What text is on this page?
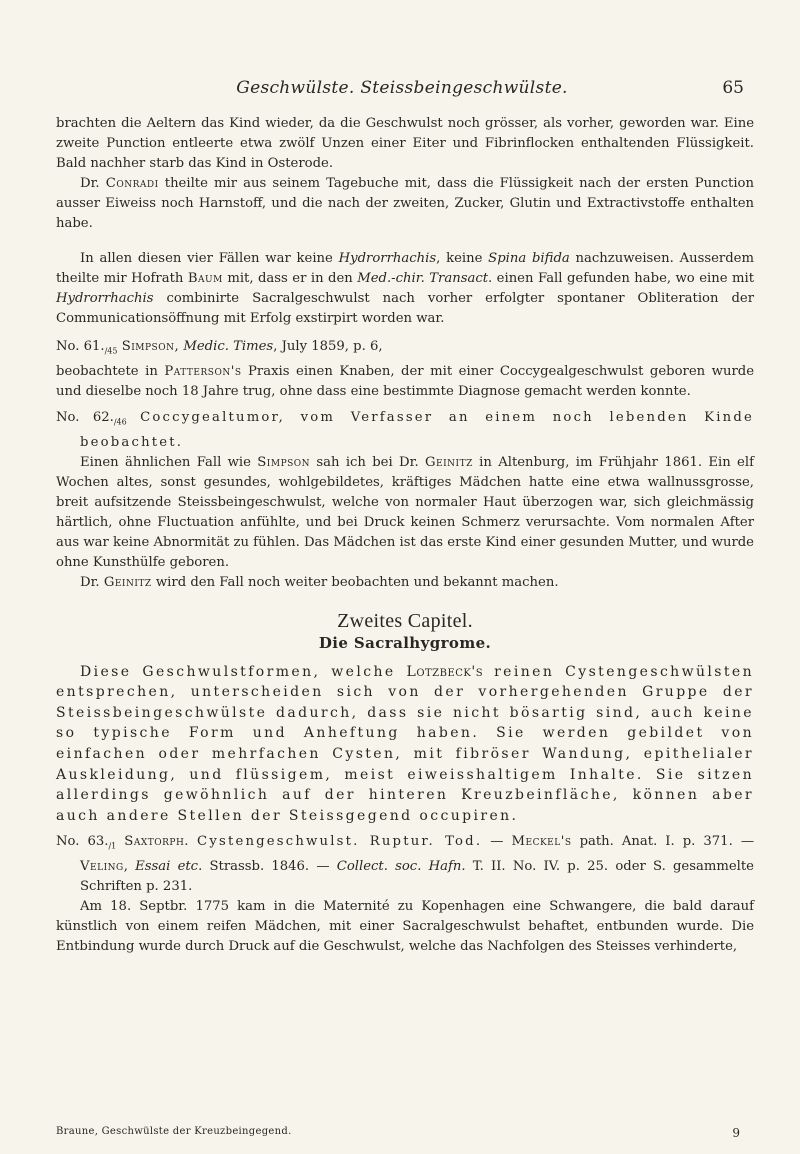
Geschwülste. Steissbeingeschwülste.	65

brachten die Aeltern das Kind wieder, da die Geschwulst noch grösser, als vorher, geworden war. Eine zweite Punction entleerte etwa zwölf Unzen einer Eiter und Fibrinflocken enthaltenden Flüssigkeit. Bald nachher starb das Kind in Osterode.

Dr. Conradi theilte mir aus seinem Tagebuche mit, dass die Flüssigkeit nach der ersten Punction ausser Eiweiss noch Harnstoff, und die nach der zweiten, Zucker, Glutin und Extractivstoffe enthalten habe.

In allen diesen vier Fällen war keine Hydrorrhachis, keine Spina bifida nachzuweisen. Ausserdem theilte mir Hofrath Baum mit, dass er in den Med.-chir. Transact. einen Fall gefunden habe, wo eine mit Hydrorrhachis combinirte Sacralgeschwulst nach vorher erfolgter spontaner Obliteration der Communicationsöffnung mit Erfolg exstirpirt worden war.

No. $61._{/45}$ Simpson, Medic. Times, July 1859, p. 6,

beobachtete in Patterson's Praxis einen Knaben, der mit einer Coccygealgeschwulst geboren wurde und dieselbe noch 18 Jahre trug, ohne dass eine bestimmte Diagnose gemacht werden konnte.

No. $62._{/46}$ Coccygealtumor, vom Verfasser an einem noch lebenden Kinde beobachtet.

Einen ähnlichen Fall wie Simpson sah ich bei Dr. Geinitz in Altenburg, im Frühjahr 1861. Ein elf Wochen altes, sonst gesundes, wohlgebildetes, kräftiges Mädchen hatte eine etwa wallnussgrosse, breit aufsitzende Steissbeingeschwulst, welche von normaler Haut überzogen war, sich gleichmässig härtlich, ohne Fluctuation anfühlte, und bei Druck keinen Schmerz verursachte. Vom normalen After aus war keine Abnormität zu fühlen. Das Mädchen ist das erste Kind einer gesunden Mutter, und wurde ohne Kunsthülfe geboren.

Dr. Geinitz wird den Fall noch weiter beobachten und bekannt machen.

Zweites Capitel.
Die Sacralhygrome.

Diese Geschwulstformen, welche Lotzbeck's reinen Cystengeschwülsten entsprechen, unterscheiden sich von der vorhergehenden Gruppe der Steissbeingeschwülste dadurch, dass sie nicht bösartig sind, auch keine so typische Form und Anheftung haben. Sie werden gebildet von einfachen oder mehrfachen Cysten, mit fibröser Wandung, epithelialer Auskleidung, und flüssigem, meist eiweisshaltigem Inhalte. Sie sitzen allerdings gewöhnlich auf der hinteren Kreuzbeinfläche, können aber auch andere Stellen der Steissgegend occupiren.

No. $63._{/1}$ Saxtorph. Cystengeschwulst. Ruptur. Tod. — Meckel's path. Anat. I. p. 371. — Veling, Essai etc. Strassb. 1846. — Collect. soc. Hafn. T. II. No. IV. p. 25. oder S. gesammelte Schriften p. 231.

Am 18. Septbr. 1775 kam in die Maternité zu Kopenhagen eine Schwangere, die bald darauf künstlich von einem reifen Mädchen, mit einer Sacralgeschwulst behaftet, entbunden wurde. Die Entbindung wurde durch Druck auf die Geschwulst, welche das Nachfolgen des Steisses verhinderte,

Braune, Geschwülste der Kreuzbeingegend.	9
